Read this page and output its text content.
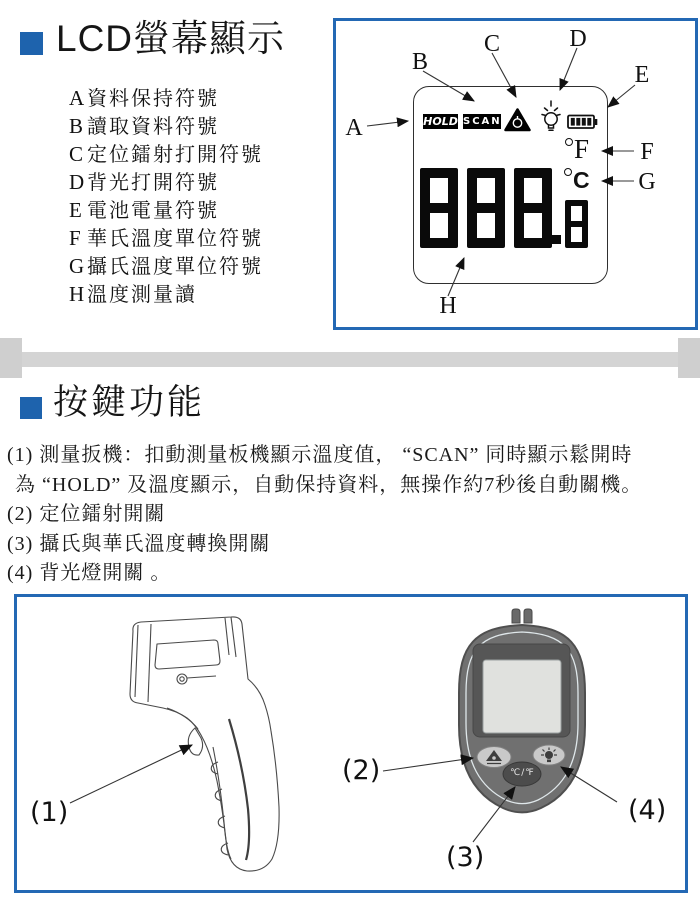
LCD螢幕顯示
A 資料保持符號
B 讀取資料符號
C 定位鐳射打開符號
D 背光打開符號
E 電池電量符號
F 華氏溫度單位符號
G 攝氏溫度單位符號
H 溫度測量讀
HOLD SCAN
F
C
A
B
C	D
E
F
G
H
按鍵功能
(1) 測量扳機：扣動測量板機顯示溫度值， “SCAN” 同時顯示鬆開時
為 “HOLD” 及溫度顯示，自動保持資料，無操作約7秒後自動關機。
(2) 定位鐳射開關
(3) 攝氏與華氏溫度轉換開關
(4) 背光燈開關 。
℃/℉
(1)
(2)
(3)
(4)
